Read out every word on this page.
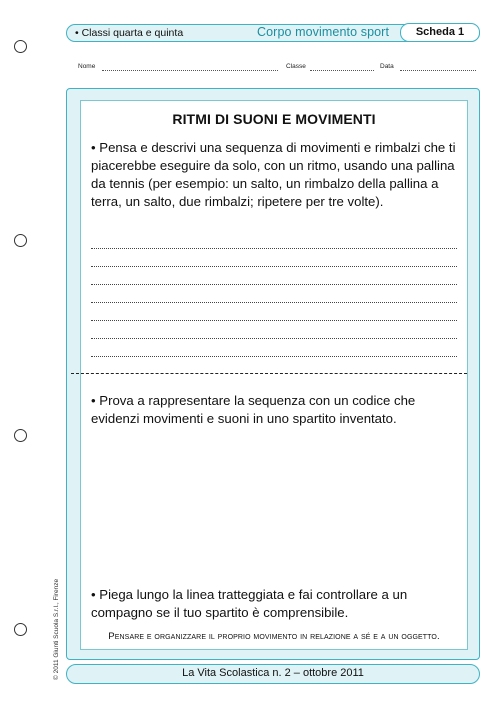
• Classi quarta e quinta	Corpo movimento sport	Scheda 1
Nome	Classe	Data
RITMI DI SUONI E MOVIMENTI
• Pensa e descrivi una sequenza di movimenti e rimbalzi che ti piacerebbe eseguire da solo, con un ritmo, usando una pallina da tennis (per esempio: un salto, un rimbalzo della pallina a terra, un salto, due rimbalzi; ripetere per tre volte).
• Prova a rappresentare la sequenza con un codice che evidenzi movimenti e suoni in uno spartito inventato.
• Piega lungo la linea tratteggiata e fai controllare a un compagno se il tuo spartito è comprensibile.
Pensare e organizzare il proprio movimento in relazione a sé e a un oggetto.
© 2011 Giunti Scuola S.r.l., Firenze	La Vita Scolastica n. 2 – ottobre 2011
